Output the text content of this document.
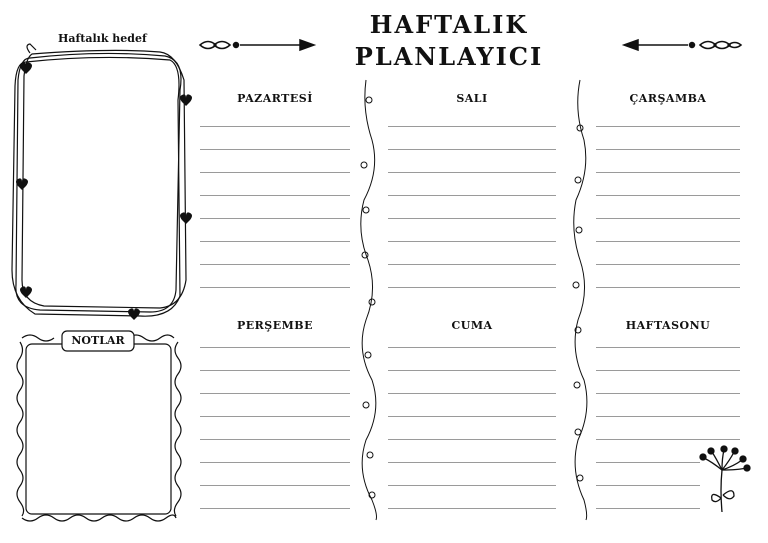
HAFTALIK
PLANLAYICI
Haftalık hedef
NOTLAR
PAZARTESİ	SALI	ÇARŞAMBA
PERŞEMBE	CUMA	HAFTASONU
